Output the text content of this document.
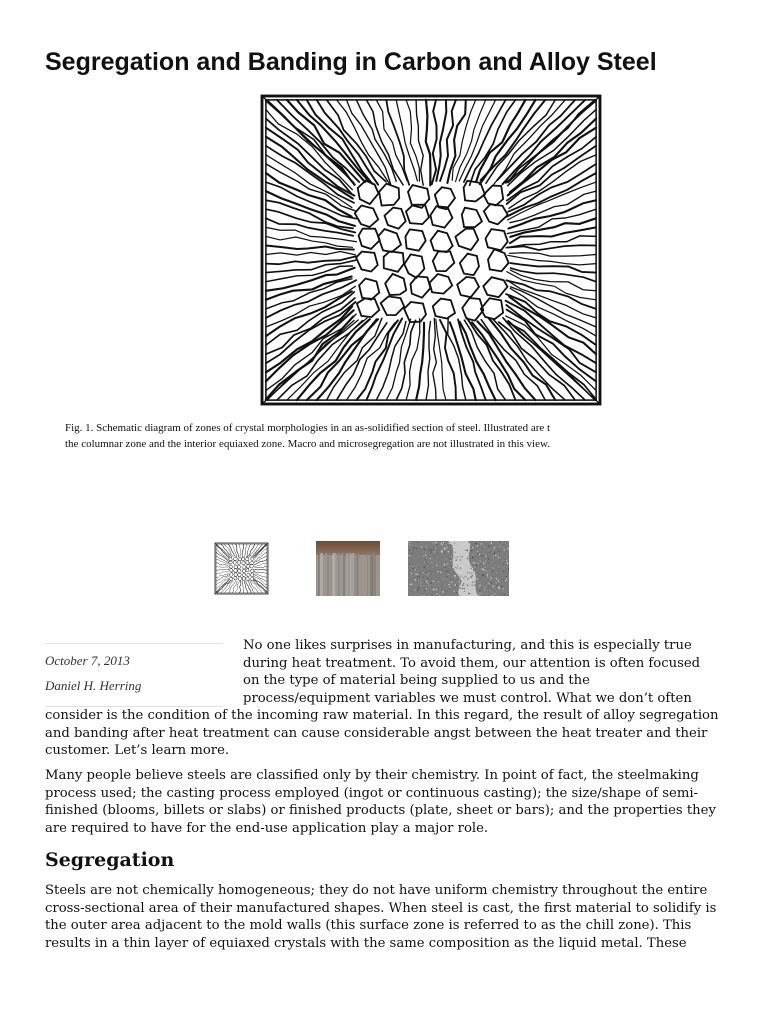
Segregation and Banding in Carbon and Alloy Steel
Fig. 1. Schematic diagram of zones of crystal morphologies in an as-solidified section of steel. Illustrated are t
the columnar zone and the interior equiaxed zone. Macro and microsegregation are not illustrated in this view.
October 7, 2013
Daniel H. Herring
No one likes surprises in manufacturing, and this is especially true
during heat treatment. To avoid them, our attention is often focused
on the type of material being supplied to us and the
process/equipment variables we must control. What we don’t often
consider is the condition of the incoming raw material. In this regard, the result of alloy segregation
and banding after heat treatment can cause considerable angst between the heat treater and their
customer. Let’s learn more.

Many people believe steels are classified only by their chemistry. In point of fact, the steelmaking process used; the casting process employed (ingot or continuous casting); the size/shape of semi-finished (blooms, billets or slabs) or finished products (plate, sheet or bars); and the properties they are required to have for the end-use application play a major role.

Segregation

Steels are not chemically homogeneous; they do not have uniform chemistry throughout the entire cross-sectional area of their manufactured shapes. When steel is cast, the first material to solidify is the outer area adjacent to the mold walls (this surface zone is referred to as the chill zone). This results in a thin layer of equiaxed crystals with the same composition as the liquid metal. These
